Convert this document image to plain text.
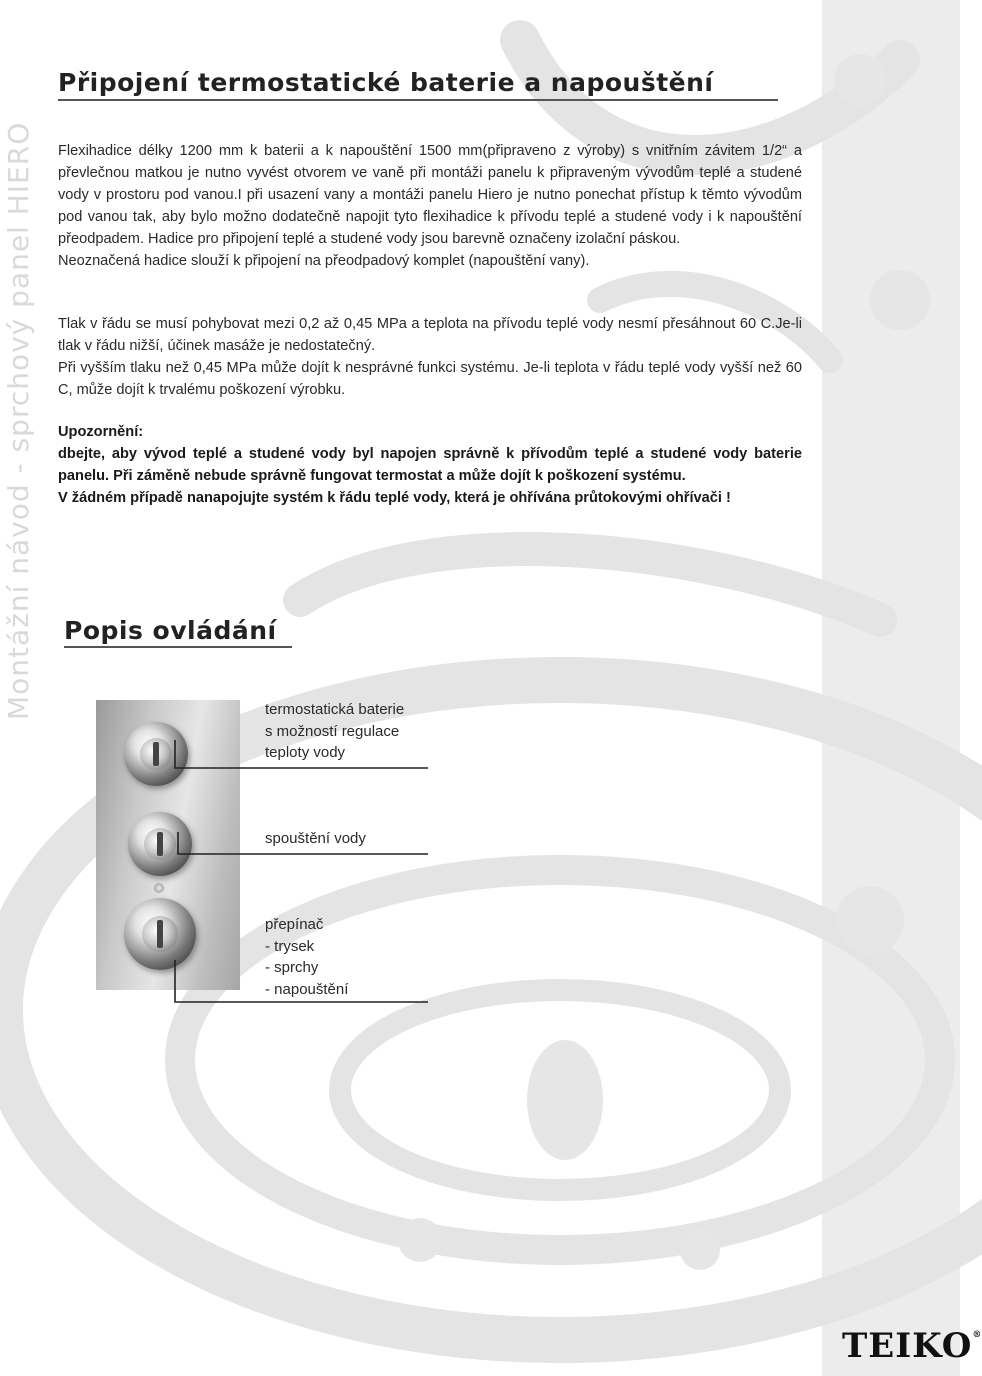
Montážní návod - sprchový panel HIERO
Připojení termostatické baterie a napouštění

Flexihadice délky 1200 mm k baterii a k napouštění 1500 mm(připraveno z výroby) s vnitřním závitem 1/2“ a převlečnou matkou je nutno vyvést otvorem ve vaně při montáži panelu k připraveným vývodům teplé a studené vody v prostoru pod vanou.I při usazení vany a montáži panelu Hiero je nutno ponechat přístup k těmto vývodům pod vanou tak, aby bylo možno dodatečně napojit tyto flexihadice k přívodu teplé a studené vody i k napouštění přeodpadem. Hadice pro připojení teplé a studené vody jsou barevně označeny izolační páskou.

Neoznačená hadice slouží k připojení na přeodpadový komplet (napouštění vany).

Tlak v řádu se musí pohybovat mezi 0,2 až 0,45 MPa a teplota na přívodu teplé vody nesmí přesáhnout 60 C.Je-li tlak v řádu nižší, účinek masáže je nedostatečný.

Při vyšším tlaku než 0,45 MPa může dojít k nesprávné funkci systému. Je-li teplota v řádu teplé vody vyšší než 60 C, může dojít k trvalému poškození výrobku.

Upozornění:

dbejte, aby vývod teplé a studené vody byl napojen správně k přívodům teplé a studené vody baterie panelu. Při záměně nebude správně fungovat termostat a může dojít k poškození systému.

V žádném případě nanapojujte systém k řádu teplé vody, která je ohřívána průtokovými ohřívači !

Popis ovládání
termostatická baterie
s možností regulace
teploty vody
spouštění vody
přepínač
- trysek
- sprchy
- napouštění
TEIKO®
